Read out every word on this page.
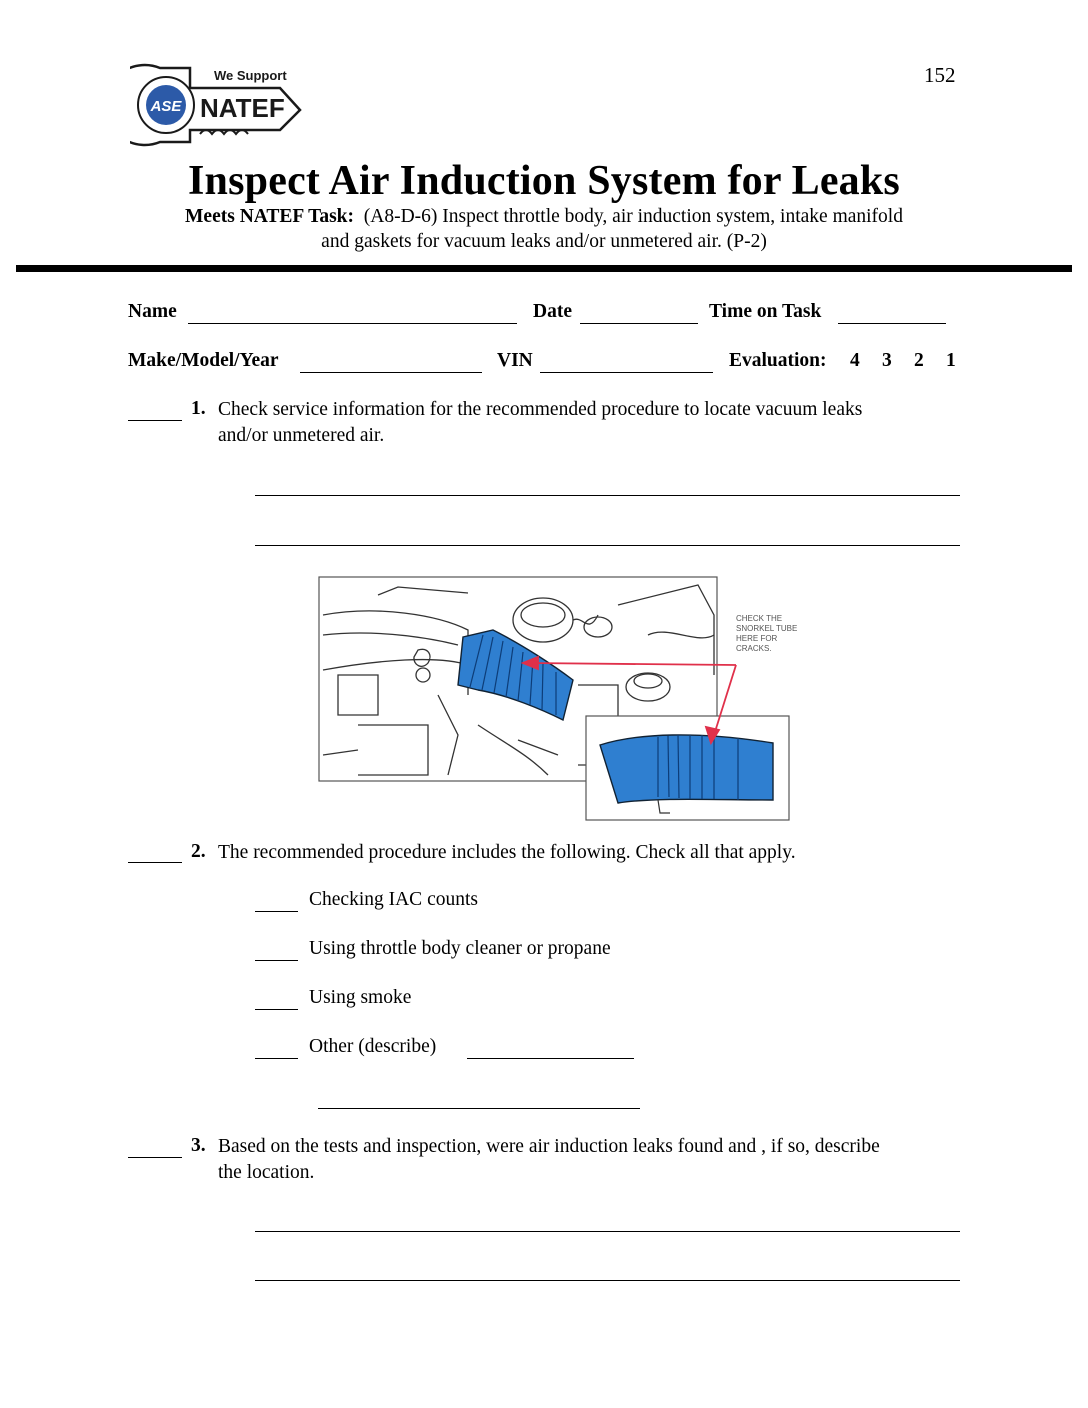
152
ASE
We Support
NATEF
Inspect Air Induction System for Leaks
Meets NATEF Task: (A8-D-6) Inspect throttle body, air induction system, intake manifold
and gaskets for vacuum leaks and/or unmetered air. (P-2)
Name	Date	Time on Task
Make/Model/Year	VIN	Evaluation: 4 3 2 1
1. Check service information for the recommended procedure to locate vacuum leaks
and/or unmetered air.
CHECK THE
SNORKEL TUBE
HERE FOR
CRACKS.
2. The recommended procedure includes the following. Check all that apply.
Checking IAC counts
Using throttle body cleaner or propane
Using smoke
Other (describe)
3. Based on the tests and inspection, were air induction leaks found and , if so, describe
the location.
